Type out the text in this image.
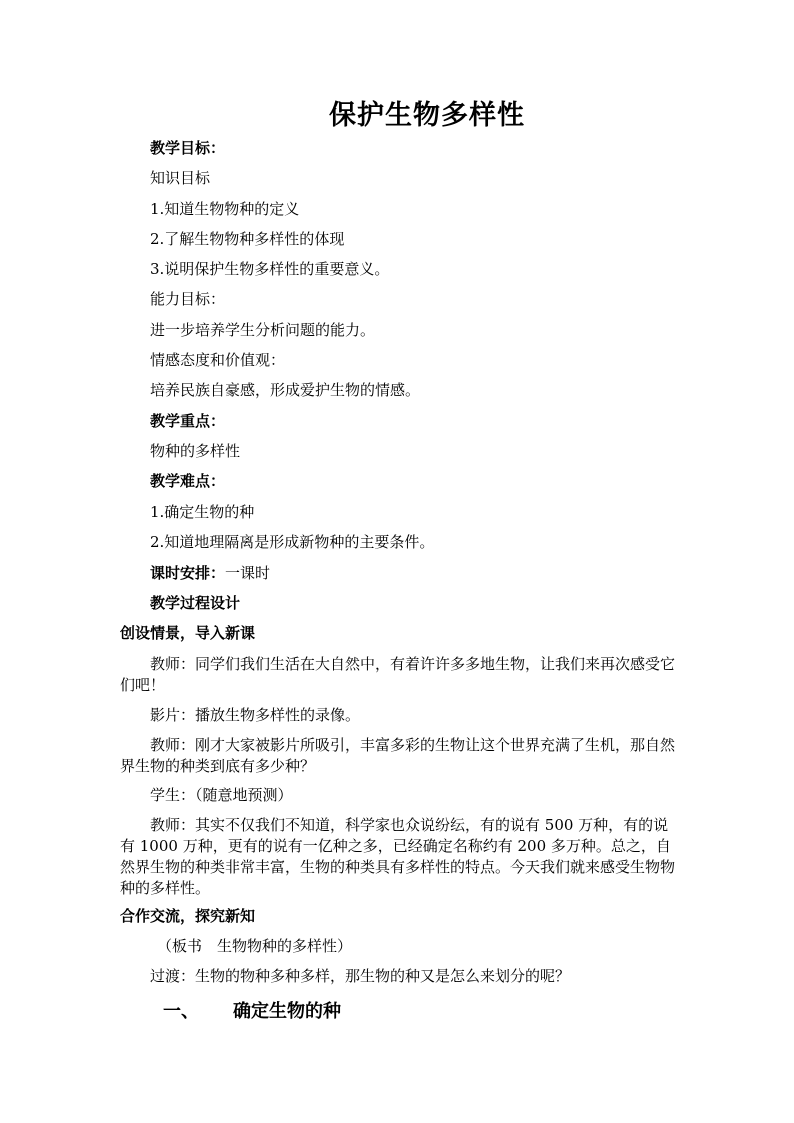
保护生物多样性
教学目标：
知识目标
1.知道生物物种的定义
2.了解生物物种多样性的体现
3.说明保护生物多样性的重要意义。
能力目标：
进一步培养学生分析问题的能力。
情感态度和价值观：
培养民族自豪感，形成爱护生物的情感。
教学重点：
物种的多样性
教学难点：
1.确定生物的种
2.知道地理隔离是形成新物种的主要条件。
课时安排：一课时
教学过程设计
创设情景，导入新课
教师：同学们我们生活在大自然中，有着许许多多地生物，让我们来再次感受它们吧！
影片：播放生物多样性的录像。
教师：刚才大家被影片所吸引，丰富多彩的生物让这个世界充满了生机，那自然界生物的种类到底有多少种？
学生：（随意地预测）
教师：其实不仅我们不知道，科学家也众说纷纭，有的说有 500 万种，有的说有 1000 万种，更有的说有一亿种之多，已经确定名称约有 200 多万种。总之，自然界生物的种类非常丰富，生物的种类具有多样性的特点。今天我们就来感受生物物种的多样性。
合作交流，探究新知
（板书　生物物种的多样性）
过渡：生物的物种多种多样，那生物的种又是怎么来划分的呢？
一、 确定生物的种
